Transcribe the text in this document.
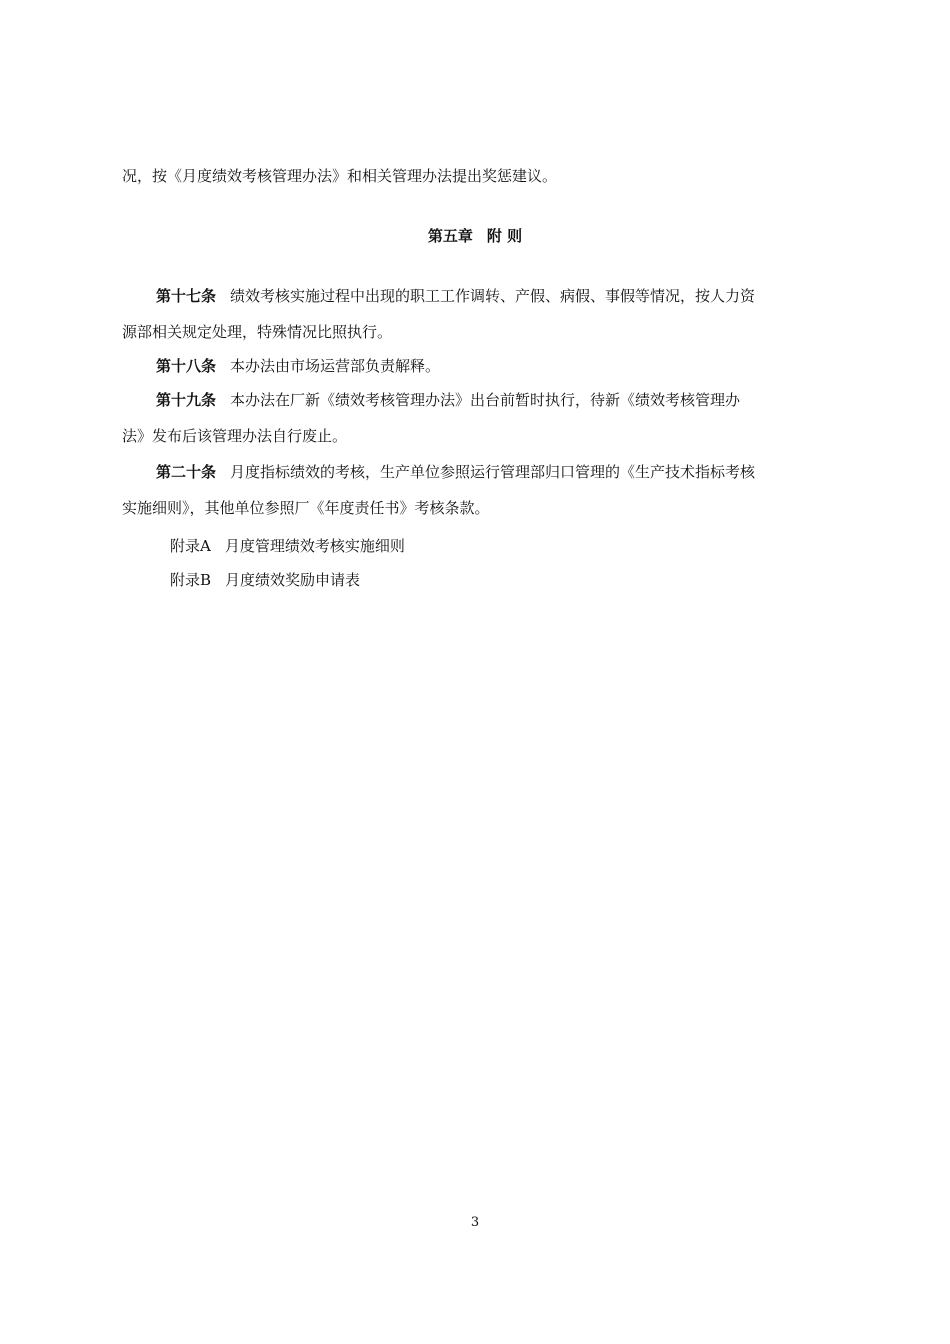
况，按《月度绩效考核管理办法》和相关管理办法提出奖惩建议。
第五章 附 则
第十七条 绩效考核实施过程中出现的职工工作调转、产假、病假、事假等情况，按人力资
源部相关规定处理，特殊情况比照执行。
第十八条 本办法由市场运营部负责解释。
第十九条 本办法在厂新《绩效考核管理办法》出台前暂时执行，待新《绩效考核管理办
法》发布后该管理办法自行废止。
第二十条 月度指标绩效的考核，生产单位参照运行管理部归口管理的《生产技术指标考核
实施细则》，其他单位参照厂《年度责任书》考核条款。
附录A 月度管理绩效考核实施细则
附录B 月度绩效奖励申请表
3
